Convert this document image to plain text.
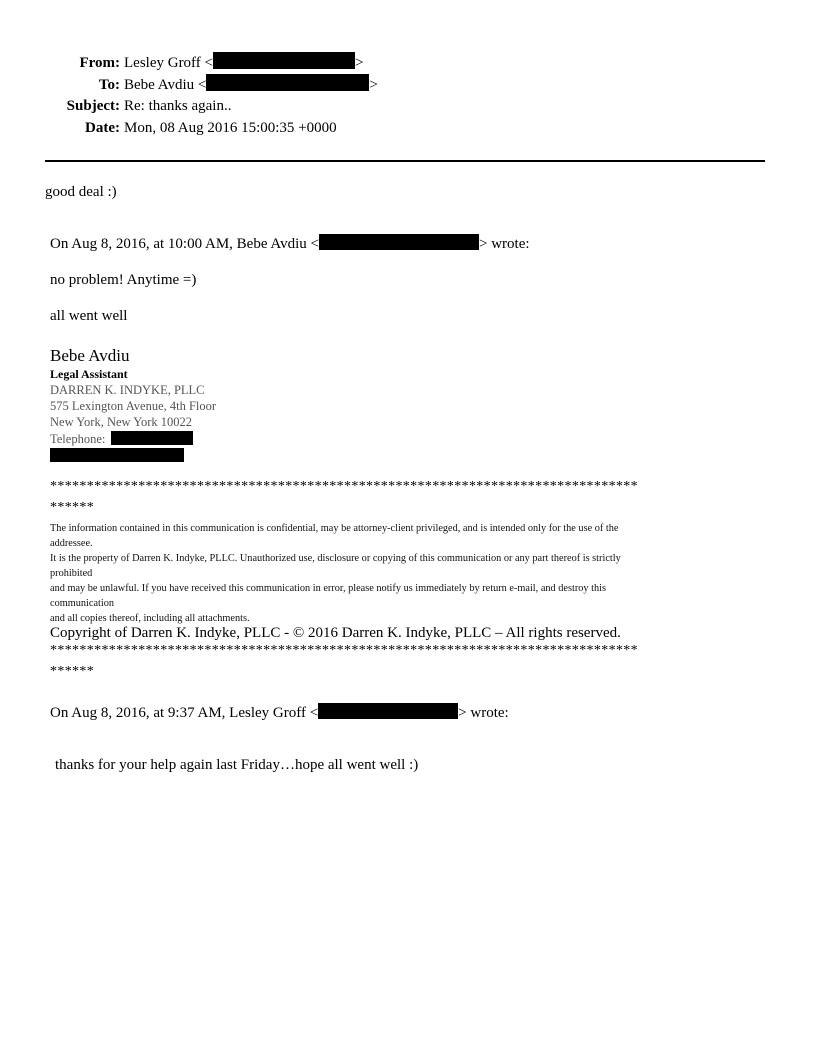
From: Lesley Groff <	>
To: Bebe Avdiu <	>
Subject: Re: thanks again..
Date: Mon, 08 Aug 2016 15:00:35 +0000
good deal :)
On Aug 8, 2016, at 10:00 AM, Bebe Avdiu <	> wrote:
no problem! Anytime =)
all went well
Bebe Avdiu
Legal Assistant
DARREN K. INDYKE, PLLC
575 Lexington Avenue, 4th Floor
New York, New York 10022
Telephone:
********************************************************************************
******
The information contained in this communication is confidential, may be attorney-client privileged, and is intended only for the use of the
addressee.
It is the property of Darren K. Indyke, PLLC. Unauthorized use, disclosure or copying of this communication or any part thereof is strictly
prohibited
and may be unlawful. If you have received this communication in error, please notify us immediately by return e-mail, and destroy this
communication
and all copies thereof, including all attachments.
Copyright of Darren K. Indyke, PLLC - © 2016 Darren K. Indyke, PLLC – All rights reserved.
********************************************************************************
******
On Aug 8, 2016, at 9:37 AM, Lesley Groff <	> wrote:
thanks for your help again last Friday…hope all went well :)
